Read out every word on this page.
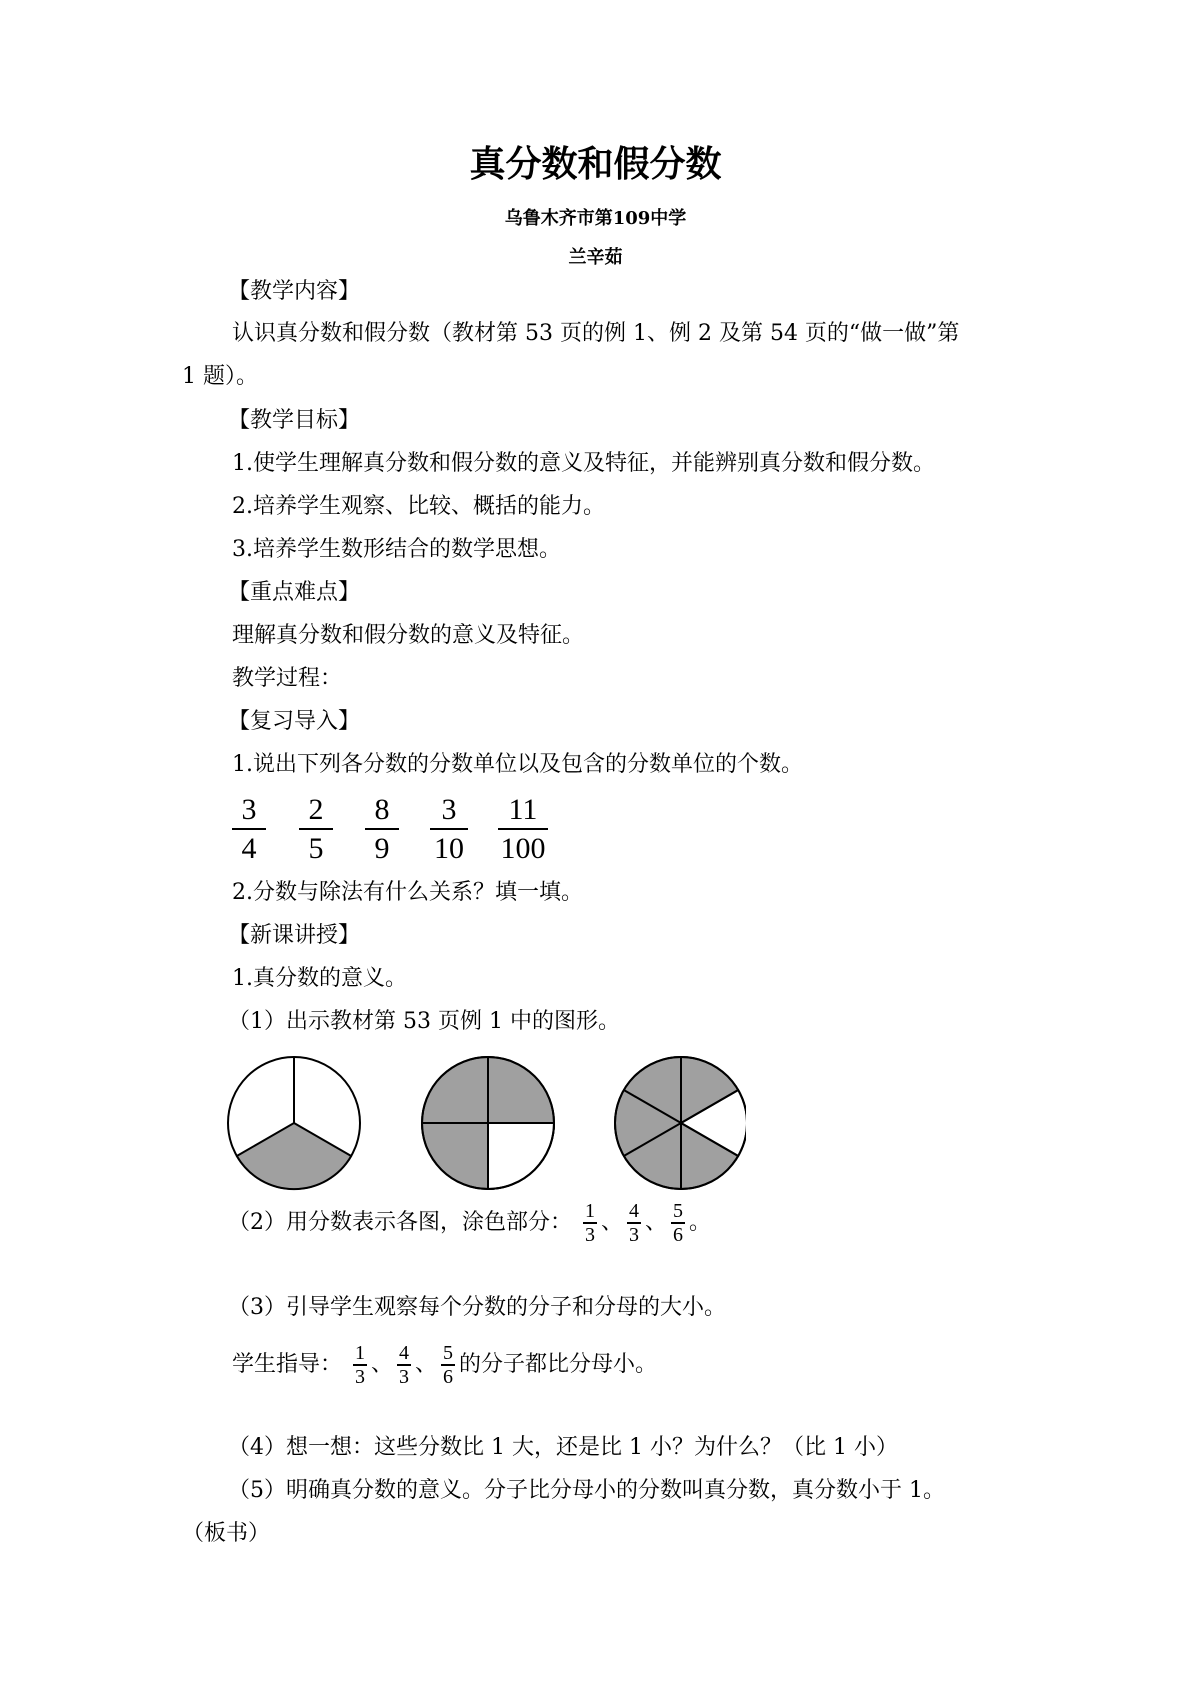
真分数和假分数
乌鲁木齐市第109中学
兰辛茹
【教学内容】
认识真分数和假分数（教材第 53 页的例 1、例 2 及第 54 页的“做一做”第
1 题）。
【教学目标】
1.使学生理解真分数和假分数的意义及特征，并能辨别真分数和假分数。
2.培养学生观察、比较、概括的能力。
3.培养学生数形结合的数学思想。
【重点难点】
理解真分数和假分数的意义及特征。
教学过程：
【复习导入】
1.说出下列各分数的分数单位以及包含的分数单位的个数。
3
4
2
5
8
9
3
10
11
100
2.分数与除法有什么关系？填一填。
【新课讲授】
1.真分数的意义。
（1）出示教材第 53 页例 1 中的图形。
（2）用分数表示各图，涂色部分： $\frac{1}{3}$ 、 $\frac{4}{3}$ 、 $\frac{5}{6}$ 。
（3）引导学生观察每个分数的分子和分母的大小。
学生指导： $\frac{1}{3}$ 、 $\frac{4}{3}$ 、 $\frac{5}{6}$ 的分子都比分母小。
（4）想一想：这些分数比 1 大，还是比 1 小？为什么？（比 1 小）
（5）明确真分数的意义。分子比分母小的分数叫真分数，真分数小于 1。
（板书）
